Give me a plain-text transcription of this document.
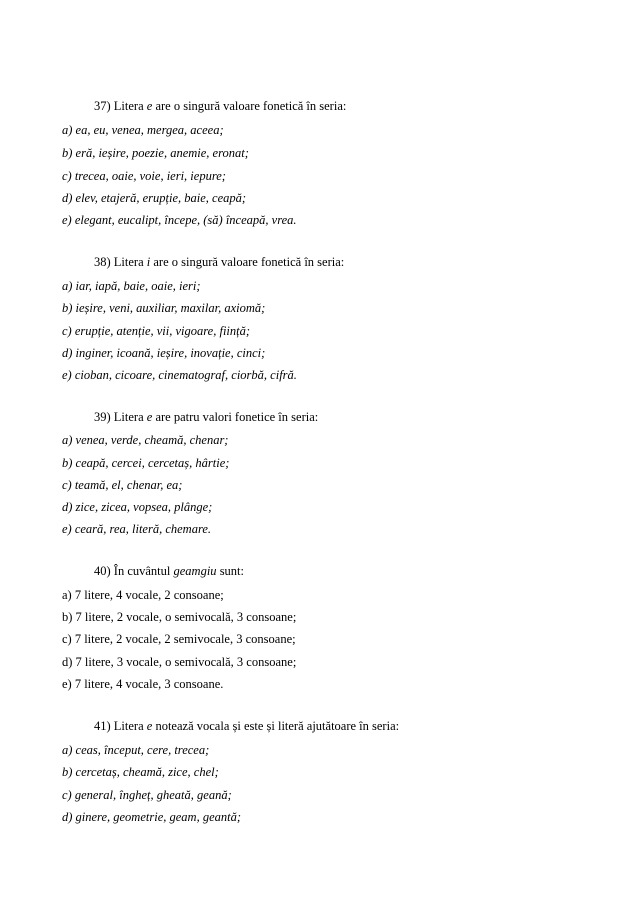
37) Litera e are o singură valoare fonetică în seria:
a) ea, eu, venea, mergea, aceea;
b) eră, ieșire, poezie, anemie, eronat;
c) trecea, oaie, voie, ieri, iepure;
d) elev, etajeră, erupție, baie, ceapă;
e) elegant, eucalipt, începe, (să) înceapă, vrea.
38) Litera i are o singură valoare fonetică în seria:
a) iar, iapă, baie, oaie, ieri;
b) ieșire, veni, auxiliar, maxilar, axiomă;
c) erupție, atenție, vii, vigoare, ființă;
d) inginer, icoană, ieșire, inovație, cinci;
e) cioban, cicoare, cinematograf, ciorbă, cifră.
39) Litera e are patru valori fonetice în seria:
a) venea, verde, cheamă, chenar;
b) ceapă, cercei, cercetaș, hârtie;
c) teamă, el, chenar, ea;
d) zice, zicea, vopsea, plânge;
e) ceară, rea, literă, chemare.
40) În cuvântul geamgiu sunt:
a) 7 litere, 4 vocale, 2 consoane;
b) 7 litere, 2 vocale, o semivocală, 3 consoane;
c) 7 litere, 2 vocale, 2 semivocale, 3 consoane;
d) 7 litere, 3 vocale, o semivocală, 3 consoane;
e) 7 litere, 4 vocale, 3 consoane.
41) Litera e notează vocala și este și literă ajutătoare în seria:
a) ceas, început, cere, trecea;
b) cercetaș, cheamă, zice, chel;
c) general, îngheț, gheată, geană;
d) ginere, geometrie, geam, geantă;
